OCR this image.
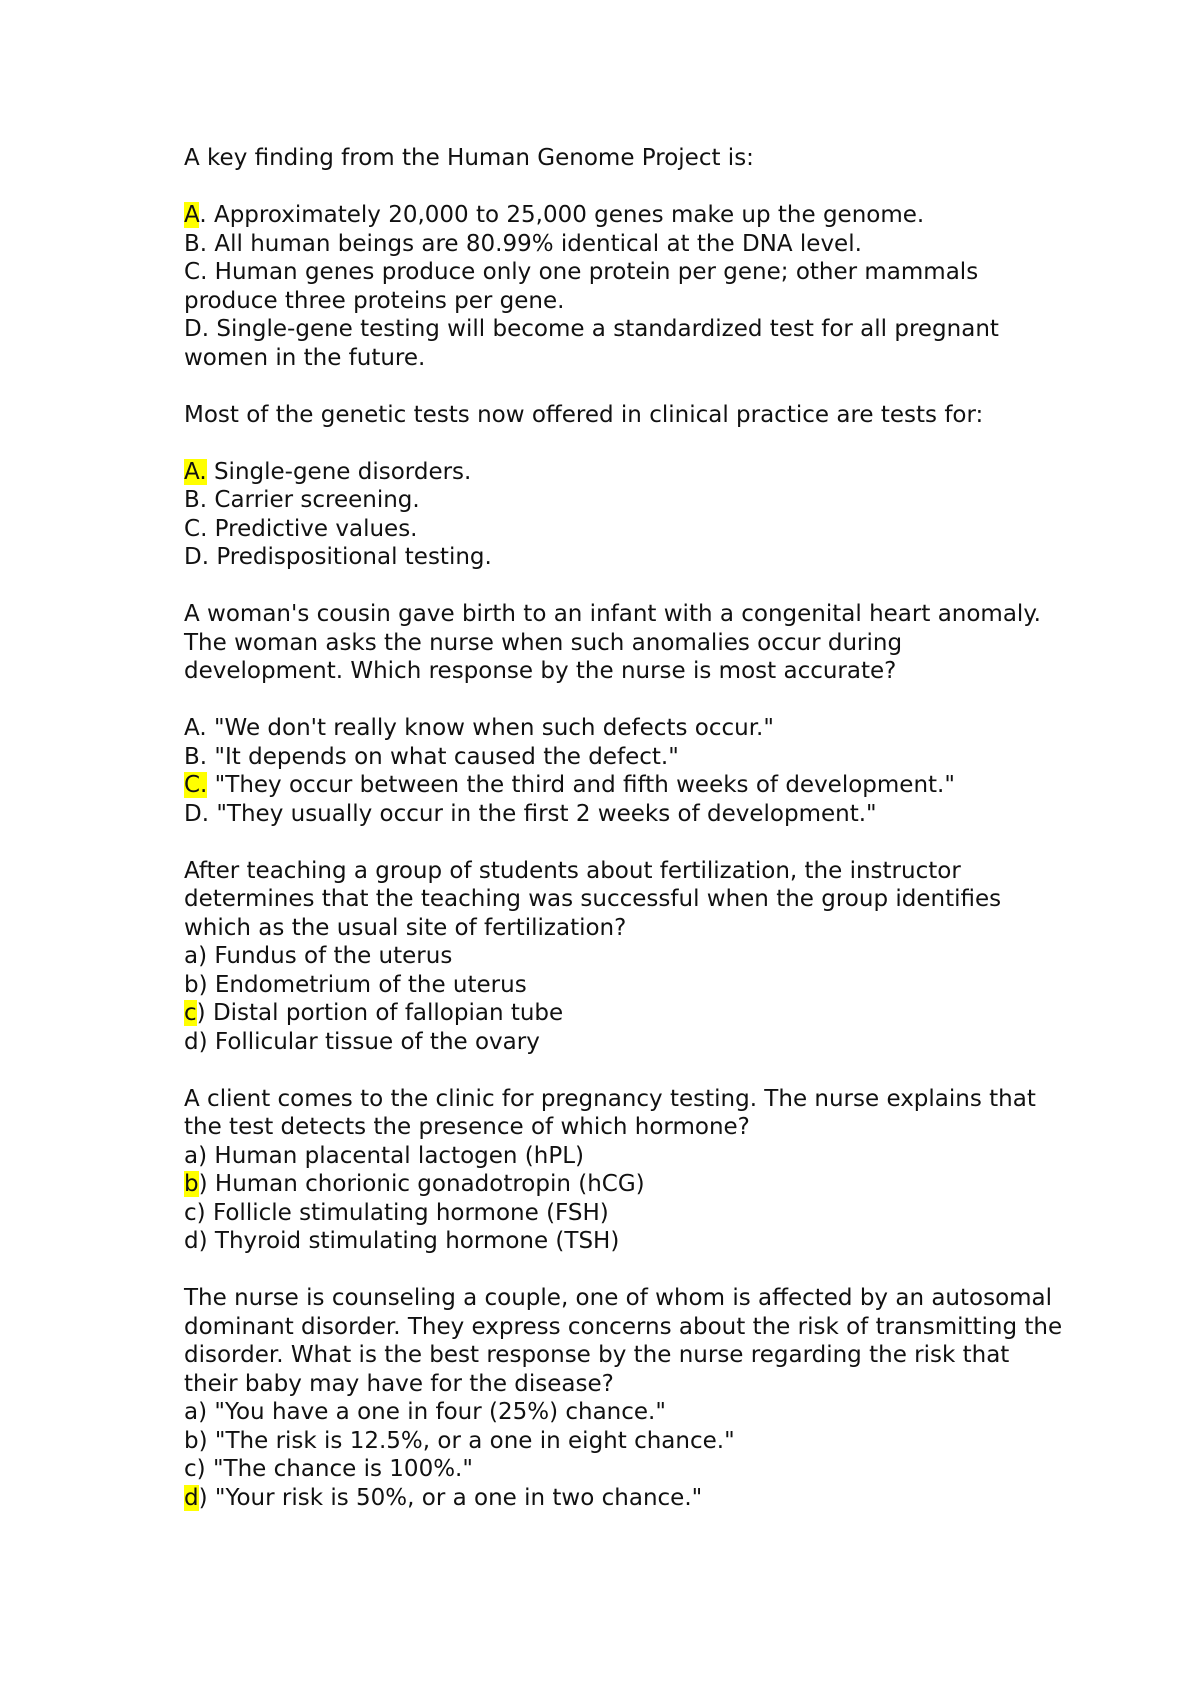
A key finding from the Human Genome Project is:
A. Approximately 20,000 to 25,000 genes make up the genome.
B. All human beings are 80.99% identical at the DNA level.
C. Human genes produce only one protein per gene; other mammals produce three proteins per gene.
D. Single-gene testing will become a standardized test for all pregnant women in the future.
Most of the genetic tests now offered in clinical practice are tests for:
A. Single-gene disorders.
B. Carrier screening.
C. Predictive values.
D. Predispositional testing.
A woman's cousin gave birth to an infant with a congenital heart anomaly. The woman asks the nurse when such anomalies occur during development. Which response by the nurse is most accurate?
A. "We don't really know when such defects occur."
B. "It depends on what caused the defect."
C. "They occur between the third and fifth weeks of development."
D. "They usually occur in the first 2 weeks of development."
After teaching a group of students about fertilization, the instructor determines that the teaching was successful when the group identifies which as the usual site of fertilization?
a) Fundus of the uterus
b) Endometrium of the uterus
c) Distal portion of fallopian tube
d) Follicular tissue of the ovary
A client comes to the clinic for pregnancy testing. The nurse explains that the test detects the presence of which hormone?
a) Human placental lactogen (hPL)
b) Human chorionic gonadotropin (hCG)
c) Follicle stimulating hormone (FSH)
d) Thyroid stimulating hormone (TSH)
The nurse is counseling a couple, one of whom is affected by an autosomal dominant disorder. They express concerns about the risk of transmitting the disorder. What is the best response by the nurse regarding the risk that their baby may have for the disease?
a) "You have a one in four (25%) chance."
b) "The risk is 12.5%, or a one in eight chance."
c) "The chance is 100%."
d) "Your risk is 50%, or a one in two chance."
